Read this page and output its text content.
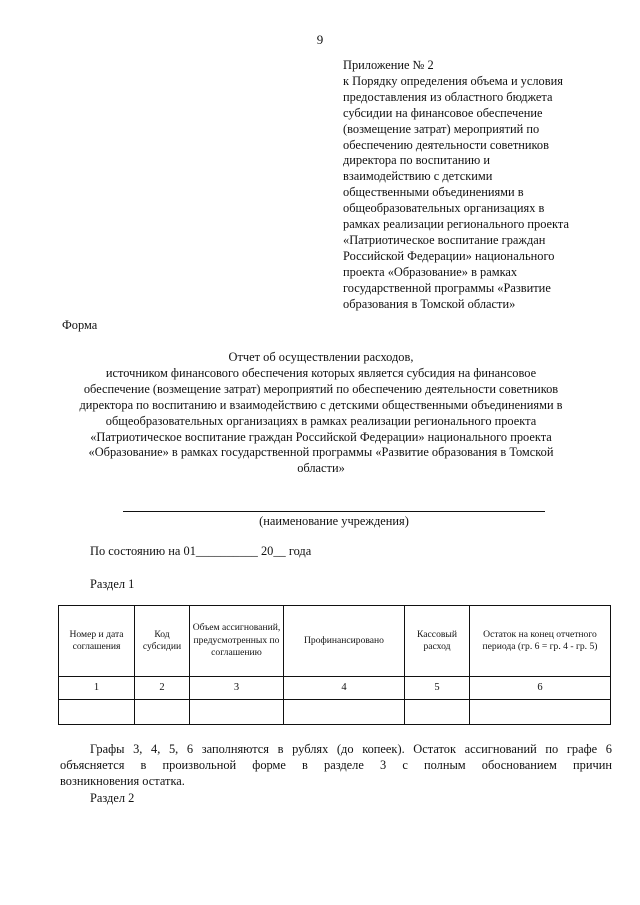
9
Приложение № 2
к Порядку определения объема и условия
предоставления из областного бюджета
субсидии на финансовое обеспечение
(возмещение затрат) мероприятий по
обеспечению деятельности советников
директора по воспитанию и
взаимодействию с детскими
общественными объединениями в
общеобразовательных организациях в
рамках реализации регионального проекта
«Патриотическое воспитание граждан
Российской Федерации» национального
проекта «Образование» в рамках
государственной программы «Развитие
образования в Томской области»
Форма
Отчет об осуществлении расходов,
источником финансового обеспечения которых является субсидия на финансовое
обеспечение (возмещение затрат) мероприятий по обеспечению деятельности советников
директора по воспитанию и взаимодействию с детскими общественными объединениями в
общеобразовательных организациях в рамках реализации регионального проекта
«Патриотическое воспитание граждан Российской Федерации» национального проекта
«Образование» в рамках государственной программы «Развитие образования в Томской
области»
(наименование учреждения)
По состоянию на 01__________ 20__ года
Раздел 1
Номер и дата соглашения	Код субсидии	Объем ассигнований, предусмотренных по соглашению	Профинансировано	Кассовый расход	Остаток на конец отчетного периода (гр. 6 = гр. 4 - гр. 5)
1	2	3	4	5	6

Графы 3, 4, 5, 6 заполняются в рублях (до копеек). Остаток ассигнований по графе 6
объясняется в произвольной форме в разделе 3 с полным обоснованием причин
возникновения остатка.
Раздел 2
